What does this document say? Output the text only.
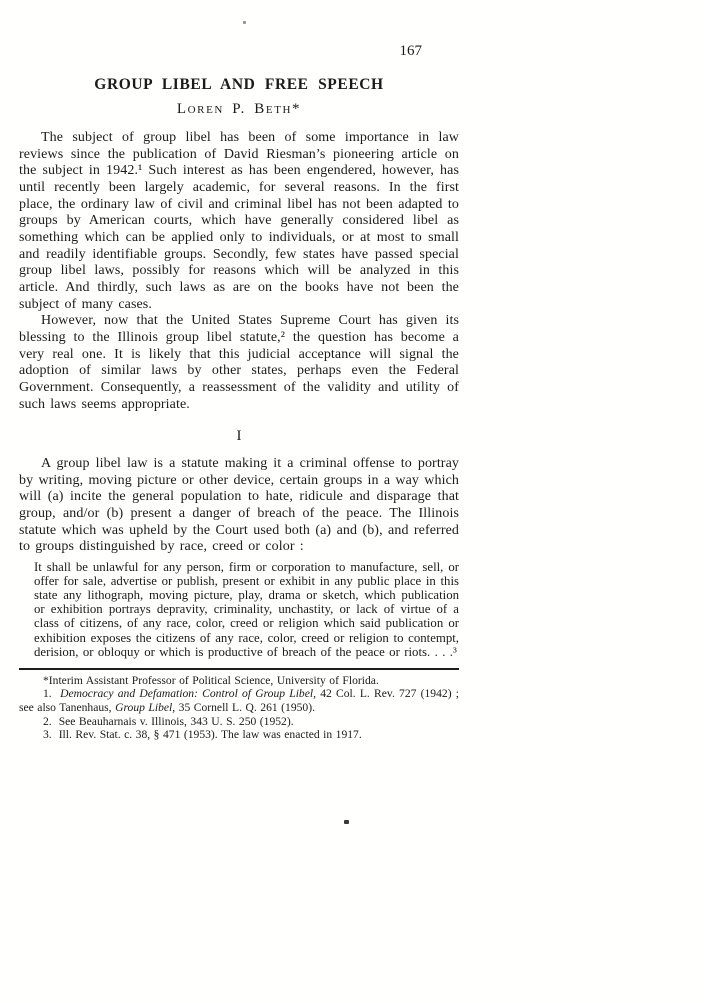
167
GROUP LIBEL AND FREE SPEECH
Loren P. Beth*

The subject of group libel has been of some importance in law reviews since the publication of David Riesman’s pioneering article on the subject in 1942.¹ Such interest as has been engendered, however, has until recently been largely academic, for several reasons. In the first place, the ordinary law of civil and criminal libel has not been adapted to groups by American courts, which have generally considered libel as something which can be applied only to individuals, or at most to small and readily identifiable groups. Secondly, few states have passed special group libel laws, possibly for reasons which will be analyzed in this article. And thirdly, such laws as are on the books have not been the subject of many cases.

However, now that the United States Supreme Court has given its blessing to the Illinois group libel statute,² the question has become a very real one. It is likely that this judicial acceptance will signal the adoption of similar laws by other states, perhaps even the Federal Government. Consequently, a reassessment of the validity and utility of such laws seems appropriate.

I

A group libel law is a statute making it a criminal offense to portray by writing, moving picture or other device, certain groups in a way which will (a) incite the general population to hate, ridicule and disparage that group, and/or (b) present a danger of breach of the peace. The Illinois statute which was upheld by the Court used both (a) and (b), and referred to groups distinguished by race, creed or color :

It shall be unlawful for any person, firm or corporation to manufacture, sell, or offer for sale, advertise or publish, present or exhibit in any public place in this state any lithograph, moving picture, play, drama or sketch, which publication or exhibition portrays depravity, criminality, unchastity, or lack of virtue of a class of citizens, of any race, color, creed or religion which said publication or exhibition exposes the citizens of any race, color, creed or religion to contempt, derision, or obloquy or which is productive of breach of the peace or riots. . . .³
*Interim Assistant Professor of Political Science, University of Florida.
1.  Democracy and Defamation: Control of Group Libel, 42 Col. L. Rev. 727 (1942) ; see also Tanenhaus, Group Libel, 35 Cornell L. Q. 261 (1950).
2.  See Beauharnais v. Illinois, 343 U. S. 250 (1952).
3.  Ill. Rev. Stat. c. 38, § 471 (1953). The law was enacted in 1917.
